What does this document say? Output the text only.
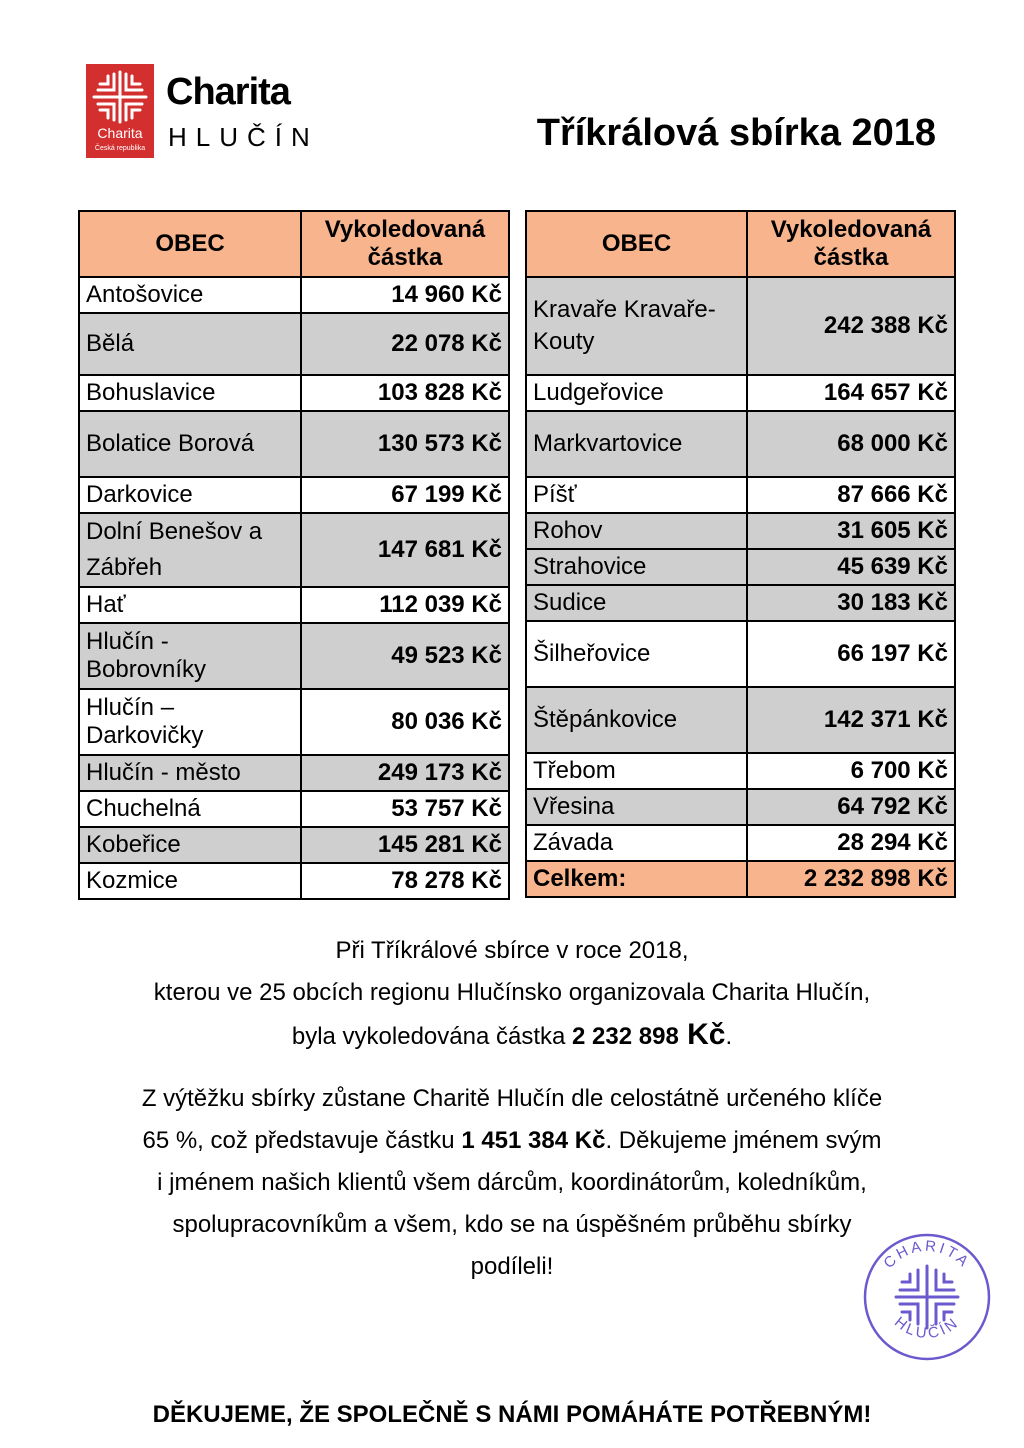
Charita
Česká republika
Charita
HLUČÍN	Tříkrálová sbírka 2018
OBEC	Vykoledovaná částka
Antošovice	14 960 Kč
Bělá	22 078 Kč
Bohuslavice	103 828 Kč
Bolatice Borová	130 573 Kč
Darkovice	67 199 Kč
Dolní Benešov a Zábřeh	147 681 Kč
Hať	112 039 Kč
Hlučín - Bobrovníky	49 523 Kč
Hlučín – Darkovičky	80 036 Kč
Hlučín - město	249 173 Kč
Chuchelná	53 757 Kč
Kobeřice	145 281 Kč
Kozmice	78 278 Kč
OBEC	Vykoledovaná částka
Kravaře Kravaře-Kouty	242 388 Kč
Ludgeřovice	164 657 Kč
Markvartovice	68 000 Kč
Píšť	87 666 Kč
Rohov	31 605 Kč
Strahovice	45 639 Kč
Sudice	30 183 Kč
Šilheřovice	66 197 Kč
Štěpánkovice	142 371 Kč
Třebom	6 700 Kč
Vřesina	64 792 Kč
Závada	28 294 Kč
Celkem:	2 232 898 Kč

Při Tříkrálové sbírce v roce 2018,

kterou ve 25 obcích regionu Hlučínsko organizovala Charita Hlučín,

byla vykoledována částka 2 232 898 Kč.

Z výtěžku sbírky zůstane Charitě Hlučín dle celostátně určeného klíče

65 %, což představuje částku 1 451 384 Kč. Děkujeme jménem svým

i jménem našich klientů všem dárcům, koordinátorům, koledníkům,

spolupracovníkům a všem, kdo se na úspěšném průběhu sbírky

podíleli!	CHARITA
HLUČÍN
DĚKUJEME, ŽE SPOLEČNĚ S NÁMI POMÁHÁTE POTŘEBNÝM!
